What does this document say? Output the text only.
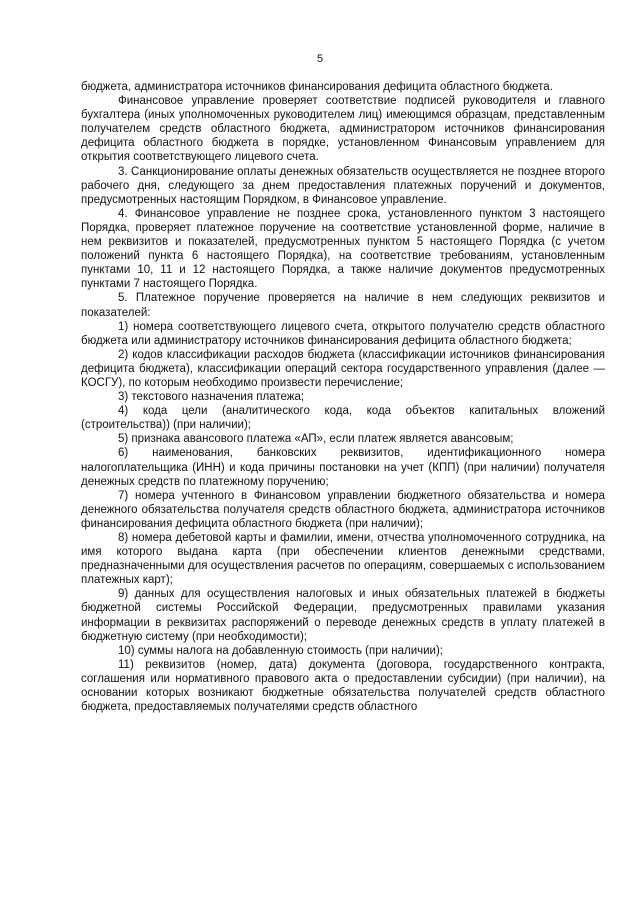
5

бюджета, администратора источников финансирования дефицита областного бюджета.

Финансовое управление проверяет соответствие подписей руководителя и главного бухгалтера (иных уполномоченных руководителем лиц) имеющимся образцам, представленным получателем средств областного бюджета, администратором источников финансирования дефицита областного бюджета в порядке, установленном Финансовым управлением для открытия соответствующего лицевого счета.

3. Санкционирование оплаты денежных обязательств осуществляется не позднее второго рабочего дня, следующего за днем предоставления платежных поручений и документов, предусмотренных настоящим Порядком, в Финансовое управление.

4. Финансовое управление не позднее срока, установленного пунктом 3 настоящего Порядка, проверяет платежное поручение на соответствие установленной форме, наличие в нем реквизитов и показателей, предусмотренных пунктом 5 настоящего Порядка (с учетом положений пункта 6 настоящего Порядка), на соответствие требованиям, установленным пунктами 10, 11 и 12 настоящего Порядка, а также наличие документов предусмотренных пунктами 7 настоящего Порядка.

5. Платежное поручение проверяется на наличие в нем следующих реквизитов и показателей:

1) номера соответствующего лицевого счета, открытого получателю средств областного бюджета или администратору источников финансирования дефицита областного бюджета;

2) кодов классификации расходов бюджета (классификации источников финансирования дефицита бюджета), классификации операций сектора государственного управления (далее — КОСГУ), по которым необходимо произвести перечисление;

3) текстового назначения платежа;

4) кода цели (аналитического кода, кода объектов капитальных вложений (строительства)) (при наличии);

5) признака авансового платежа «АП», если платеж является авансовым;

6) наименования, банковских реквизитов, идентификационного номера налогоплательщика (ИНН) и кода причины постановки на учет (КПП) (при наличии) получателя денежных средств по платежному поручению;

7) номера учтенного в Финансовом управлении бюджетного обязательства и номера денежного обязательства получателя средств областного бюджета, администратора источников финансирования дефицита областного бюджета (при наличии);

8) номера дебетовой карты и фамилии, имени, отчества уполномоченного сотрудника, на имя которого выдана карта (при обеспечении клиентов денежными средствами, предназначенными для осуществления расчетов по операциям, совершаемых с использованием платежных карт);

9) данных для осуществления налоговых и иных обязательных платежей в бюджеты бюджетной системы Российской Федерации, предусмотренных правилами указания информации в реквизитах распоряжений о переводе денежных средств в уплату платежей в бюджетную систему (при необходимости);

10) суммы налога на добавленную стоимость (при наличии);

11) реквизитов (номер, дата) документа (договора, государственного контракта, соглашения или нормативного правового акта о предоставлении субсидии) (при наличии), на основании которых возникают бюджетные обязательства получателей средств областного бюджета, предоставляемых получателями средств областного
